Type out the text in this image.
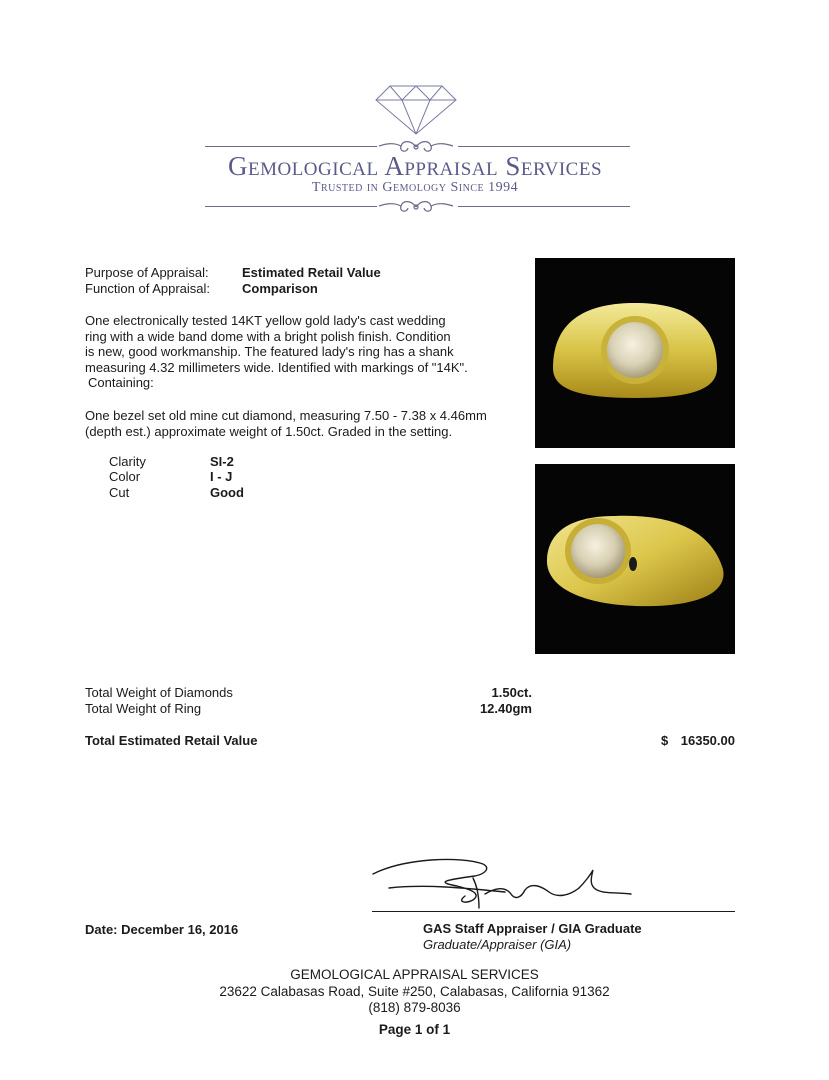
Gemological Appraisal Services
Trusted in Gemology Since 1994
Purpose of Appraisal:	Estimated Retail Value
Function of Appraisal: Comparison
One electronically tested 14KT yellow gold lady's cast wedding
ring with a wide band dome with a bright polish finish. Condition
is new, good workmanship. The featured lady's ring has a shank
measuring 4.32 millimeters wide. Identified with markings of "14K".
Containing:
One bezel set old mine cut diamond, measuring 7.50 - 7.38 x 4.46mm
(depth est.) approximate weight of 1.50ct. Graded in the setting.
Clarity	SI-2
Color	I - J
Cut	Good
Total Weight of Diamonds	1.50ct.
Total Weight of Ring	12.40gm
Total Estimated Retail Value	$ 16350.00
Date: December 16, 2016	GAS Staff Appraiser / GIA Graduate
Graduate/Appraiser (GIA)
GEMOLOGICAL APPRAISAL SERVICES
23622 Calabasas Road, Suite #250, Calabasas, California 91362
(818) 879-8036
Page 1 of 1
